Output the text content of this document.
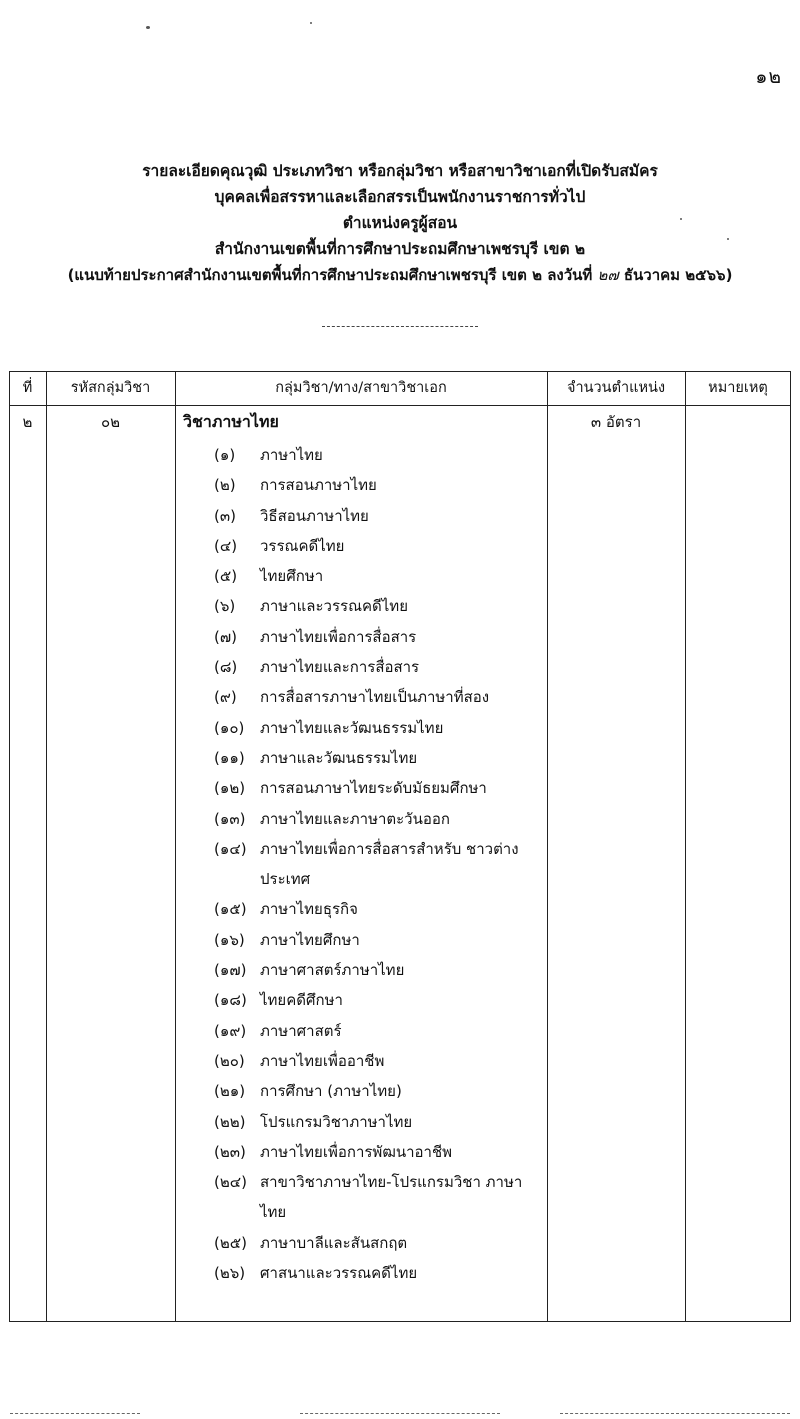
๑๒
รายละเอียดคุณวุฒิ ประเภทวิชา หรือกลุ่มวิชา หรือสาขาวิชาเอกที่เปิดรับสมัคร
บุคคลเพื่อสรรหาและเลือกสรรเป็นพนักงานราชการทั่วไป
ตำแหน่งครูผู้สอน
สำนักงานเขตพื้นที่การศึกษาประถมศึกษาเพชรบุรี เขต ๒
(แนบท้ายประกาศสำนักงานเขตพื้นที่การศึกษาประถมศึกษาเพชรบุรี เขต ๒ ลงวันที่ ๒๗ ธันวาคม ๒๕๖๖)
ที่	รหัสกลุ่มวิชา	กลุ่มวิชา/ทาง/สาขาวิชาเอก	จำนวนตำแหน่ง	หมายเหตุ
๒	๐๒	วิชาภาษาไทย	๓ อัตรา
(๑)	ภาษาไทย
(๒)	การสอนภาษาไทย
(๓)	วิธีสอนภาษาไทย
(๔)	วรรณคดีไทย
(๕)	ไทยศึกษา
(๖)	ภาษาและวรรณคดีไทย
(๗)	ภาษาไทยเพื่อการสื่อสาร
(๘)	ภาษาไทยและการสื่อสาร
(๙)	การสื่อสารภาษาไทยเป็นภาษาที่สอง
(๑๐)	ภาษาไทยและวัฒนธรรมไทย
(๑๑)	ภาษาและวัฒนธรรมไทย
(๑๒) การสอนภาษาไทยระดับมัธยมศึกษา
(๑๓) ภาษาไทยและภาษาตะวันออก
(๑๔) ภาษาไทยเพื่อการสื่อสารสำหรับ ชาวต่างประเทศ
(๑๕) ภาษาไทยธุรกิจ
(๑๖)	ภาษาไทยศึกษา
(๑๗) ภาษาศาสตร์ภาษาไทย
(๑๘) ไทยคดีศึกษา
(๑๙) ภาษาศาสตร์
(๒๐)	ภาษาไทยเพื่ออาชีพ
(๒๑) การศึกษา (ภาษาไทย)
(๒๒) โปรแกรมวิชาภาษาไทย
(๒๓) ภาษาไทยเพื่อการพัฒนาอาชีพ
(๒๔) สาขาวิชาภาษาไทย-โปรแกรมวิชา ภาษาไทย
(๒๕) ภาษาบาลีและสันสกฤต
(๒๖) ศาสนาและวรรณคดีไทย
